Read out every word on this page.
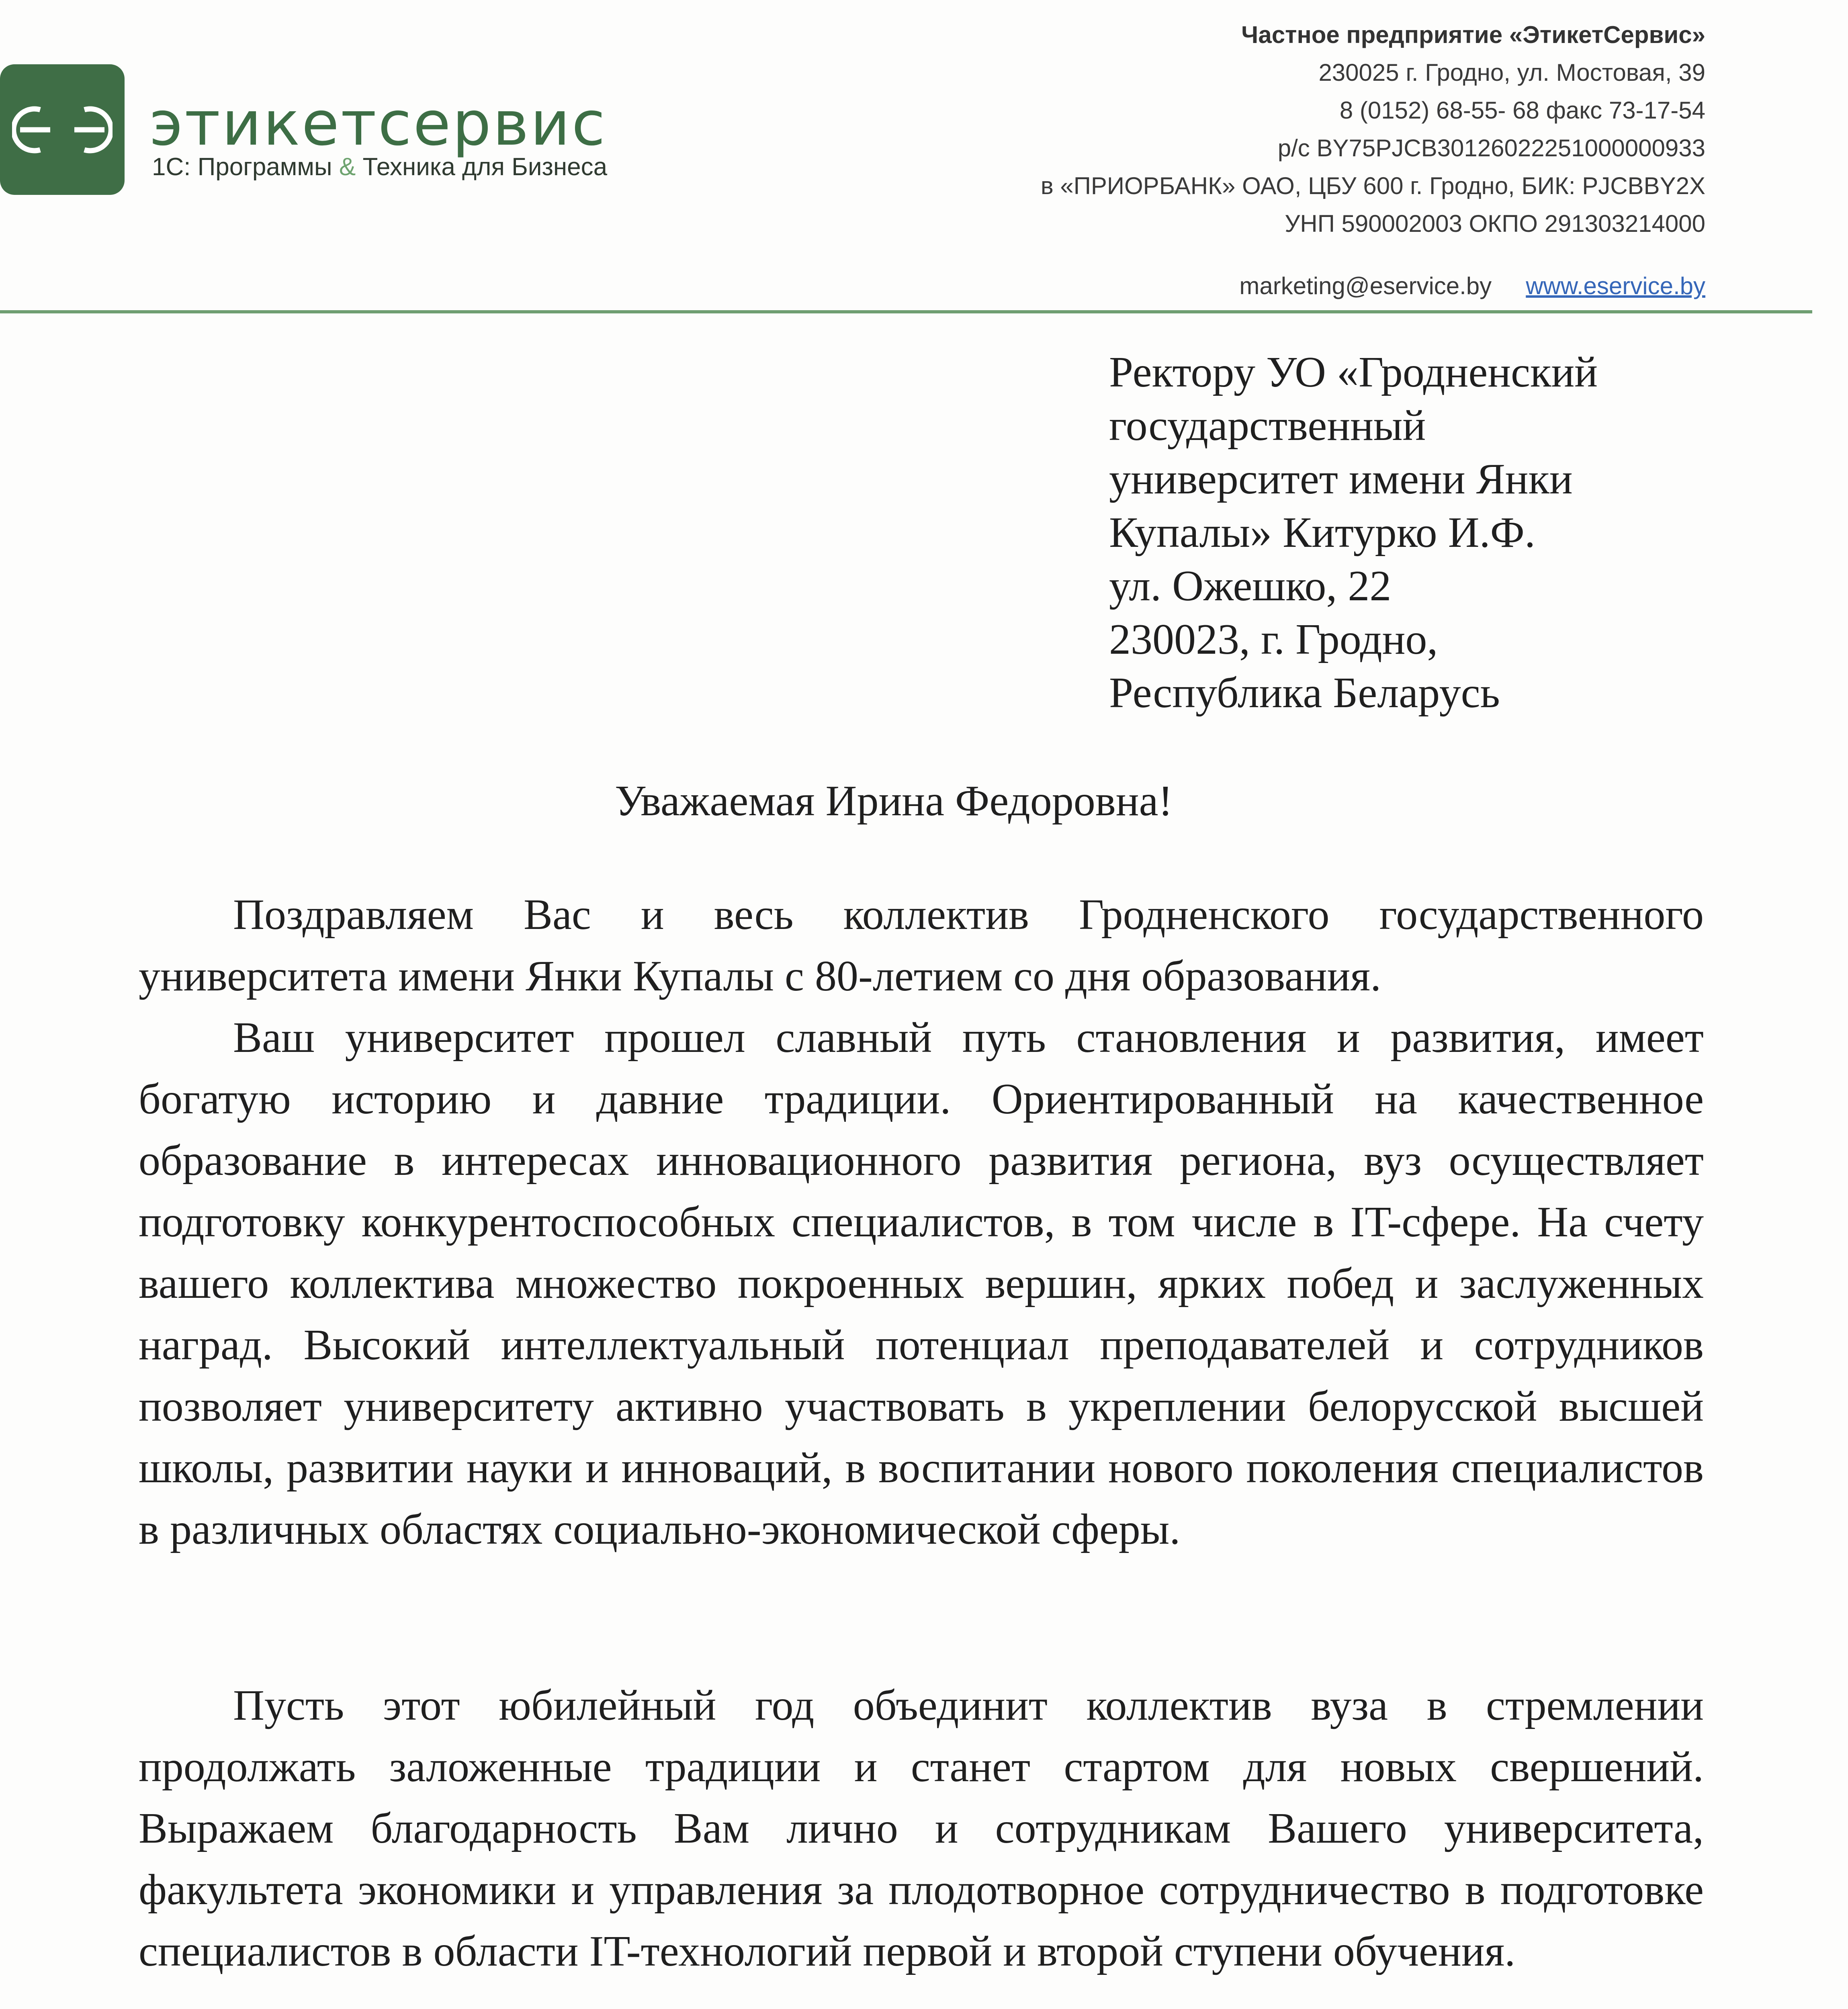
этикетсервис
1С: Программы & Техника для Бизнеса
Частное предприятие «ЭтикетСервис»
230025 г. Гродно, ул. Мостовая, 39
8 (0152) 68-55- 68 факс 73-17-54
р/с BY75PJCB30126022251000000933
в «ПРИОРБАНК» ОАО, ЦБУ 600 г. Гродно, БИК: PJCBBY2X
УНП 590002003 ОКПО 291303214000
marketing@eservice.by www.eservice.by
Ректору УО «Гродненский
государственный
университет имени Янки
Купалы» Китурко И.Ф.
ул. Ожешко, 22
230023, г. Гродно,
Республика Беларусь
Уважаемая Ирина Федоровна!

Поздравляем Вас и весь коллектив Гродненского государственного университета имени Янки Купалы с 80-летием со дня образования.

Ваш университет прошел славный путь становления и развития, имеет богатую историю и давние традиции. Ориентированный на качественное образование в интересах инновационного развития региона, вуз осуществляет подготовку конкурентоспособных специалистов, в том числе в IT-сфере. На счету вашего коллектива множество покроенных вершин, ярких побед и заслуженных наград. Высокий интеллектуальный потенциал преподавателей и сотрудников позволяет университету активно участвовать в укреплении белорусской высшей школы, развитии науки и инноваций, в воспитании нового поколения специалистов в различных областях социально-экономической сферы.

Пусть этот юбилейный год объединит коллектив вуза в стремлении продолжать заложенные традиции и станет стартом для новых свершений. Выражаем благодарность Вам лично и сотрудникам Вашего университета, факультета экономики и управления за плодотворное сотрудничество в подготовке специалистов в области IT-технологий первой и второй ступени обучения.
